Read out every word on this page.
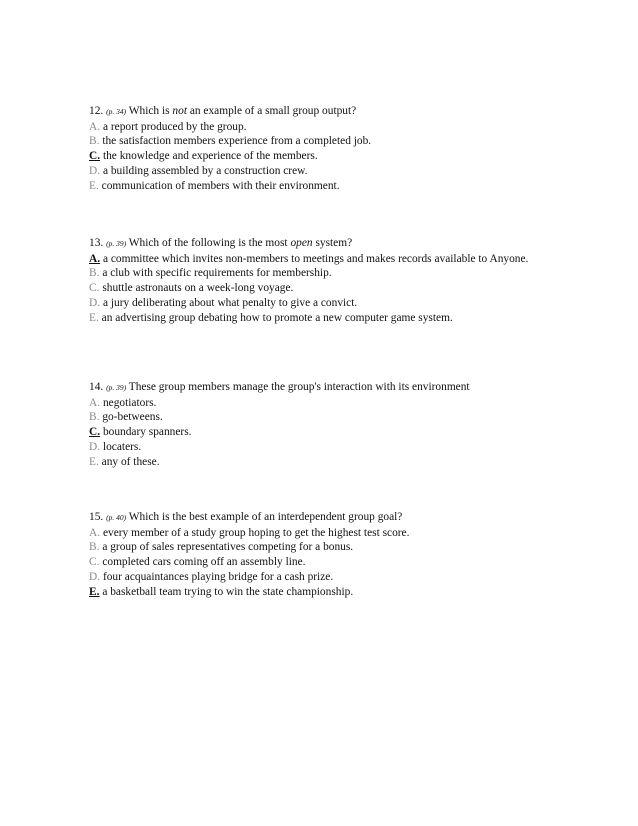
12. (p. 34) Which is not an example of a small group output?

A. a report produced by the group.

B. the satisfaction members experience from a completed job.

C. the knowledge and experience of the members.

D. a building assembled by a construction crew.

E. communication of members with their environment.

13. (p. 39) Which of the following is the most open system?

A. a committee which invites non-members to meetings and makes records available to Anyone.

B. a club with specific requirements for membership.

C. shuttle astronauts on a week-long voyage.

D. a jury deliberating about what penalty to give a convict.

E. an advertising group debating how to promote a new computer game system.

14. (p. 39) These group members manage the group's interaction with its environment

A. negotiators.

B. go-betweens.

C. boundary spanners.

D. locaters.

E. any of these.

15. (p. 40) Which is the best example of an interdependent group goal?

A. every member of a study group hoping to get the highest test score.

B. a group of sales representatives competing for a bonus.

C. completed cars coming off an assembly line.

D. four acquaintances playing bridge for a cash prize.

E. a basketball team trying to win the state championship.
